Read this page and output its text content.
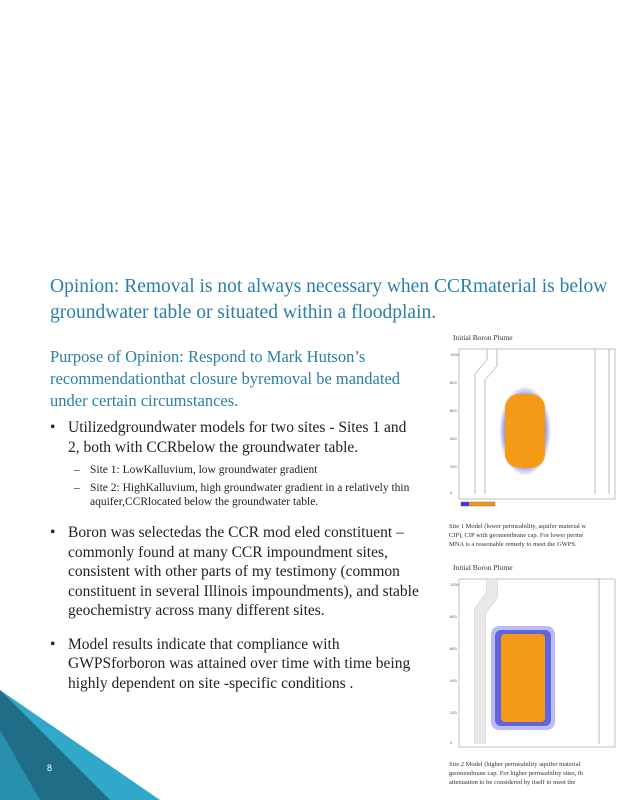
Opinion: Removal is not always necessary when CCRmaterial is below
groundwater table or situated within a floodplain.
Purpose of Opinion: Respond to Mark Hutson’s recommendationthat closure byremoval be mandated under certain circumstances.
• Utilizedgroundwater models for two sites - Sites 1 and 2, both with CCRbelow the groundwater table.
– Site 1: LowKalluvium, low groundwater gradient
– Site 2: HighKalluvium, high groundwater gradient in a relatively thin aquifer,CCRlocated below the groundwater table.
• Boron was selectedas the CCR mod eled constituent – commonly found at many CCR impoundment sites, consistent with other parts of my testimony (common constituent in several Illinois impoundments), and stable geochemistry across many different sites.
• Model results indicate that compliance with GWPSforboron was attained over time with time being highly dependent on site -specific conditions .
Initial Boron Plume
1000
800
600
400
200
0
Site 1 Model (lower permeability, aquifer material w
CIP), CIP with geomembrane cap. For lower perme
MNA is a reasonable remedy to meet the GWPS.
Initial Boron Plume
1000
800
600
400
200
0
Site 2 Model (higher permeability aquifer material
geomembrane cap. For higher permeability sites, th
attenuation to be considered by itself to meet the
8
